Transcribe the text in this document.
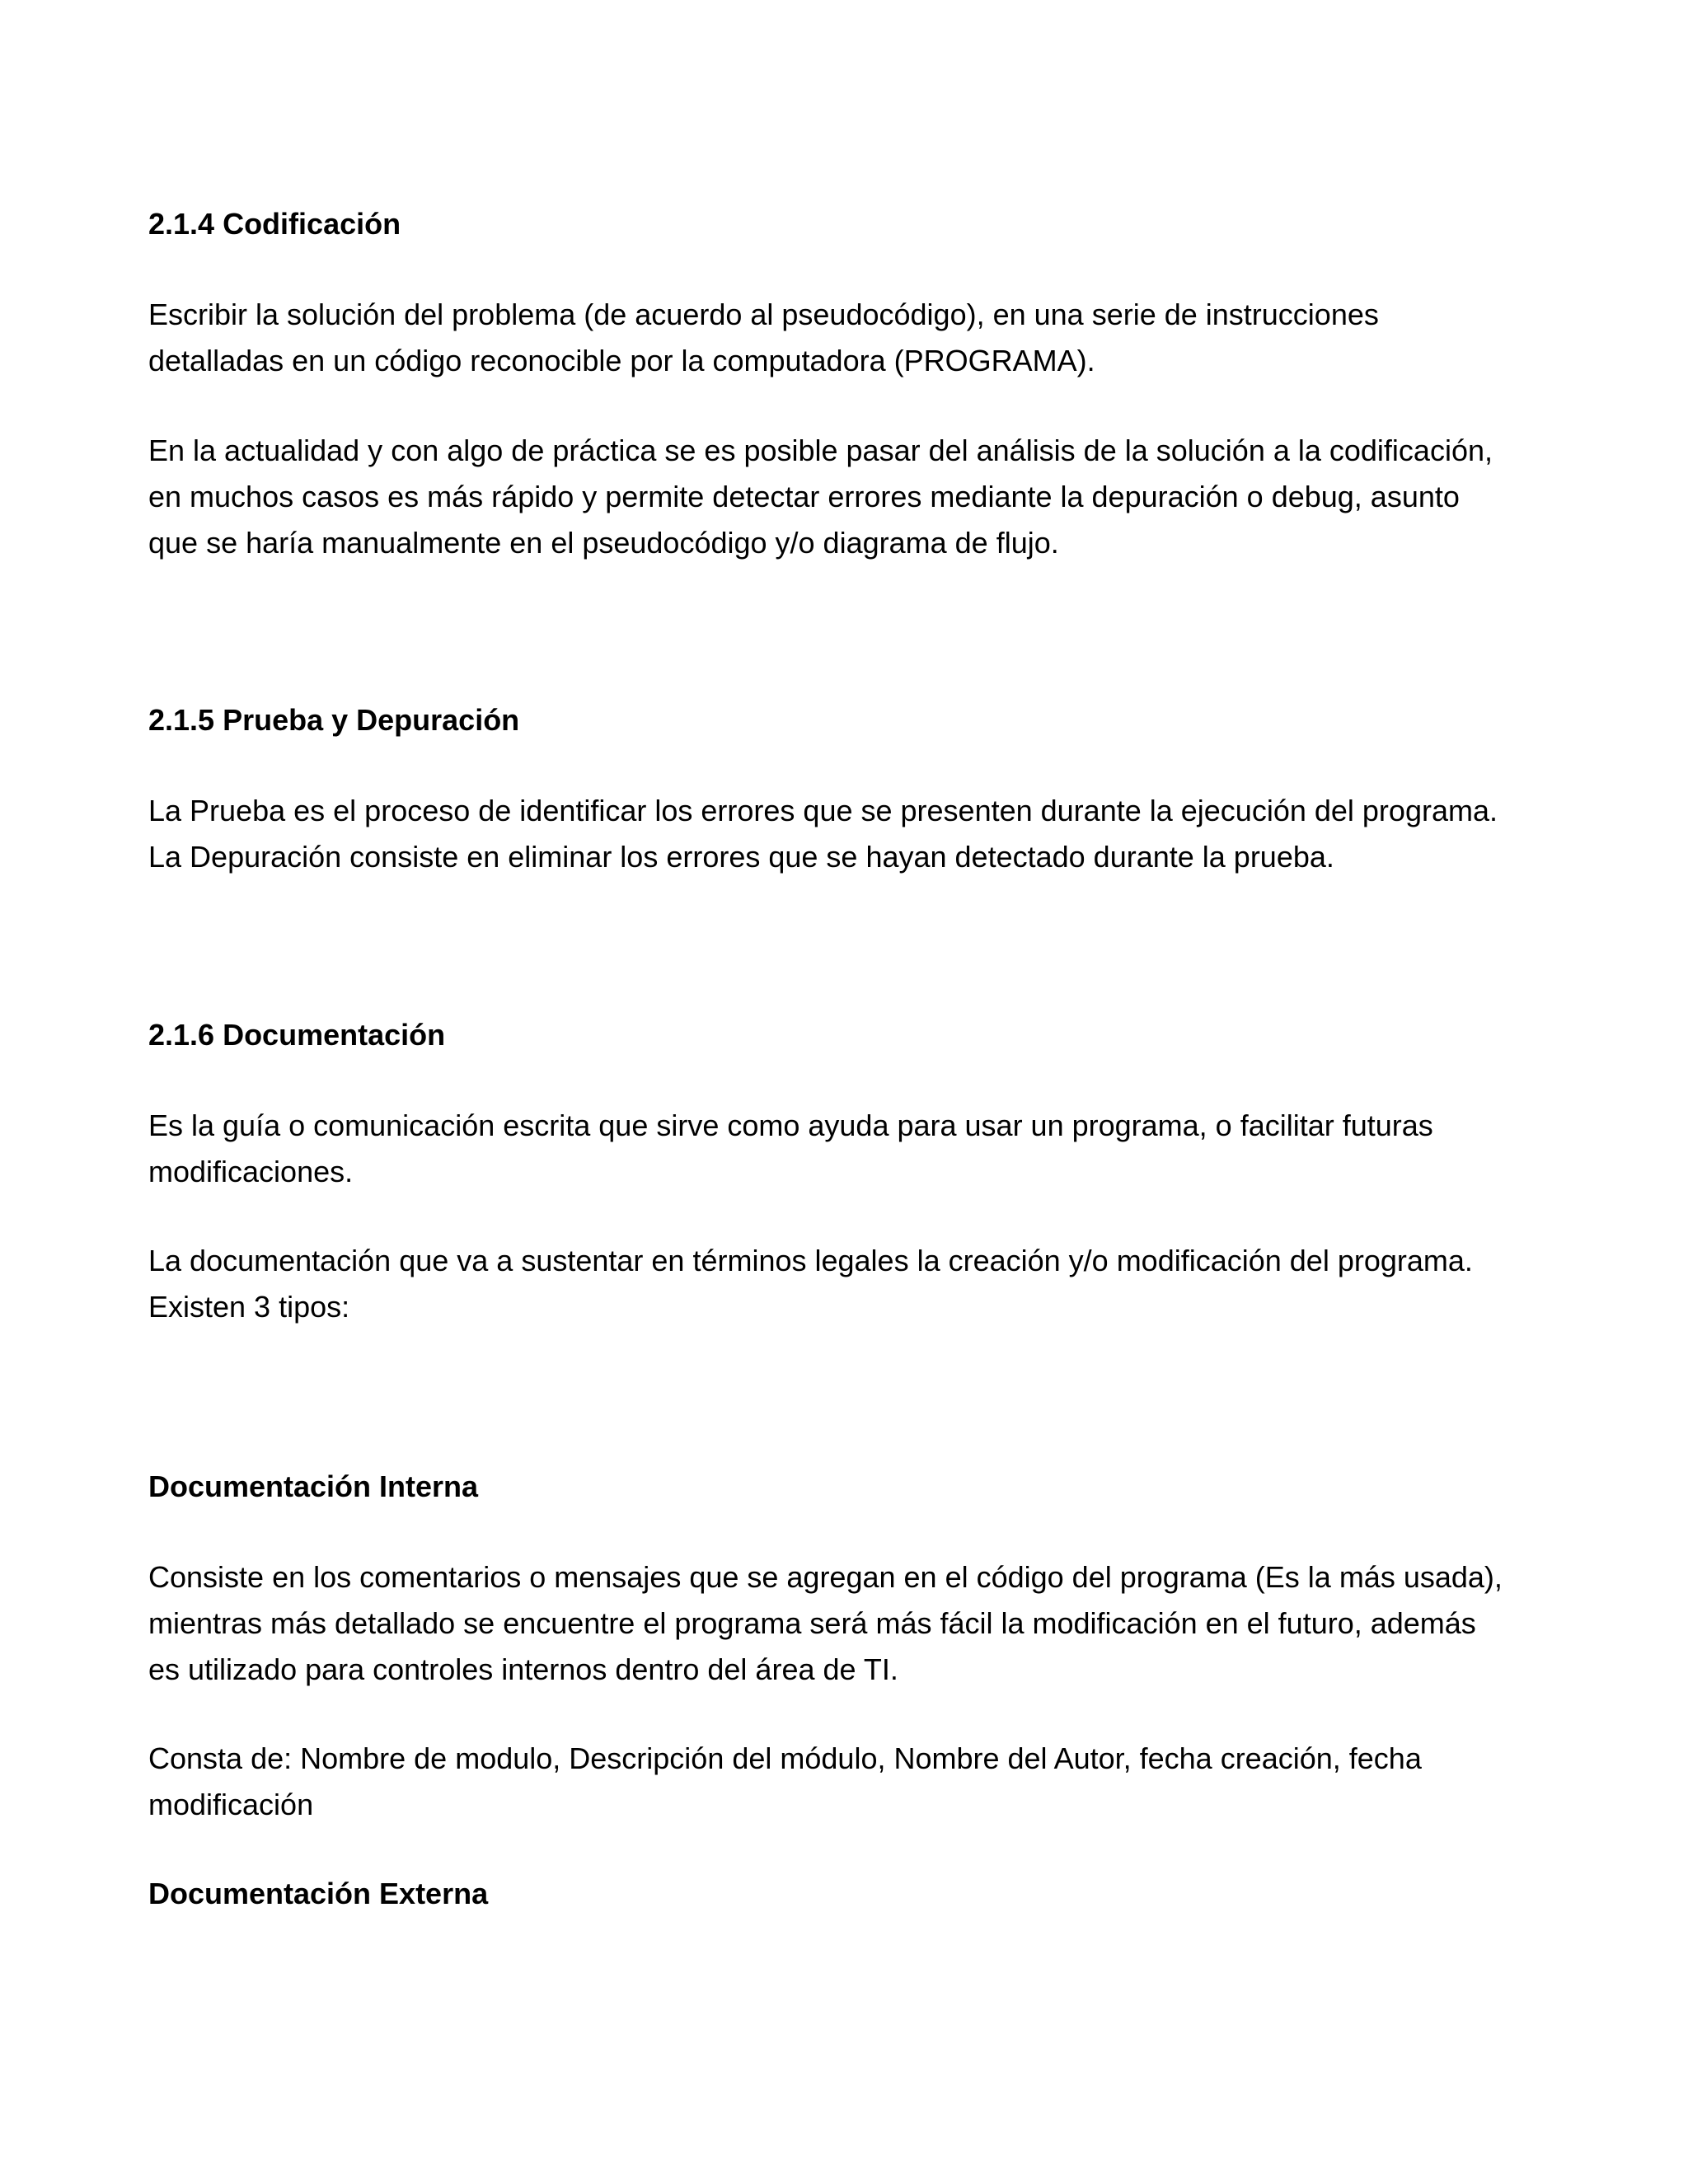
2.1.4 Codificación

Escribir la solución del problema (de acuerdo al pseudocódigo), en una serie de instrucciones
detalladas en un código reconocible por la computadora (PROGRAMA).

En la actualidad y con algo de práctica se es posible pasar del análisis de la solución a la codificación,
en muchos casos es más rápido y permite detectar errores mediante la depuración o debug, asunto
que se haría manualmente en el pseudocódigo y/o diagrama de flujo.

2.1.5 Prueba y Depuración

La Prueba es el proceso de identificar los errores que se presenten durante la ejecución del programa.
La Depuración consiste en eliminar los errores que se hayan detectado durante la prueba.

2.1.6 Documentación

Es la guía o comunicación escrita que sirve como ayuda para usar un programa, o facilitar futuras
modificaciones.

La documentación que va a sustentar en términos legales la creación y/o modificación del programa.
Existen 3 tipos:

Documentación Interna

Consiste en los comentarios o mensajes que se agregan en el código del programa (Es la más usada),
mientras más detallado se encuentre el programa será más fácil la modificación en el futuro, además
es utilizado para controles internos dentro del área de TI.

Consta de: Nombre de modulo, Descripción del módulo, Nombre del Autor, fecha creación, fecha
modificación

Documentación Externa
